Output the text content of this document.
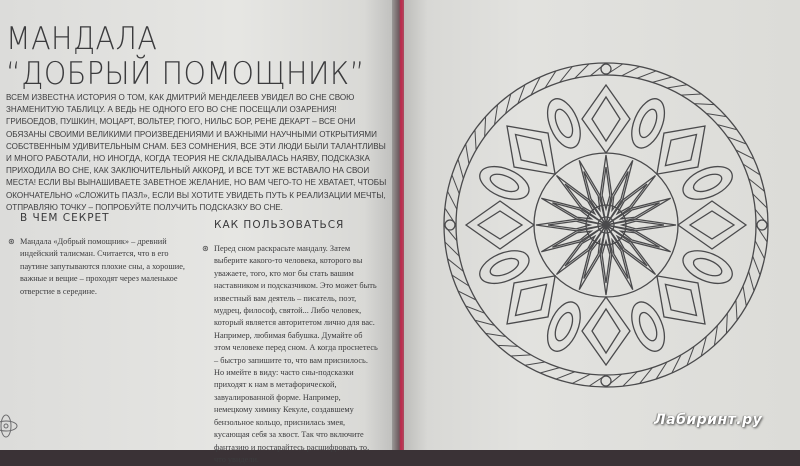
МАНДАЛА
“ДОБРЫЙ ПОМОЩНИК”
ВСЕМ ИЗВЕСТНА ИСТОРИЯ О ТОМ, КАК ДМИТРИЙ МЕНДЕЛЕЕВ УВИДЕЛ ВО СНЕ СВОЮ ЗНАМЕНИТУЮ ТАБЛИЦУ. А ВЕДЬ НЕ ОДНОГО ЕГО ВО СНЕ ПОСЕЩАЛИ ОЗАРЕНИЯ! ГРИБОЕДОВ, ПУШКИН, МОЦАРТ, ВОЛЬТЕР, ГЮГО, НИЛЬС БОР, РЕНЕ ДЕКАРТ – ВСЕ ОНИ ОБЯЗАНЫ СВОИМИ ВЕЛИКИМИ ПРОИЗВЕДЕНИЯМИ И ВАЖНЫМИ НАУЧНЫМИ ОТКРЫТИЯМИ СОБСТВЕННЫМ УДИВИТЕЛЬНЫМ СНАМ. БЕЗ СОМНЕНИЯ, ВСЕ ЭТИ ЛЮДИ БЫЛИ ТАЛАНТЛИВЫ И МНОГО РАБОТАЛИ, НО ИНОГДА, КОГДА ТЕОРИЯ НЕ СКЛАДЫВАЛАСЬ НАЯВУ, ПОДСКАЗКА ПРИХОДИЛА ВО СНЕ, КАК ЗАКЛЮЧИТЕЛЬНЫЙ АККОРД, И ВСЕ ТУТ ЖЕ ВСТАВАЛО НА СВОИ МЕСТА! ЕСЛИ ВЫ ВЫНАШИВАЕТЕ ЗАВЕТНОЕ ЖЕЛАНИЕ, НО ВАМ ЧЕГО-ТО НЕ ХВАТАЕТ, ЧТОБЫ ОКОНЧАТЕЛЬНО «СЛОЖИТЬ ПАЗЛ», ЕСЛИ ВЫ ХОТИТЕ УВИДЕТЬ ПУТЬ К РЕАЛИЗАЦИИ МЕЧТЫ, ОТПРАВЛЯЮ ТОЧКУ – ПОПРОБУЙТЕ ПОЛУЧИТЬ ПОДСКАЗКУ ВО СНЕ.
В ЧЕМ СЕКРЕТ
⊛ Мандала «Добрый помощник» – древний индейский талисман. Считается, что в его паутине запутываются плохие сны, а хорошие, важные и вещие – проходят через маленькое отверстие в середине.
КАК ПОЛЬЗОВАТЬСЯ
⊛ Перед сном раскрасьте мандалу. Затем выберите какого-то человека, которого вы уважаете, того, кто мог бы стать вашим наставником и подсказчиком. Это может быть известный вам деятель – писатель, поэт, мудрец, философ, святой... Либо человек, который является авторитетом лично для вас. Например, любимая бабушка. Думайте об этом человеке перед сном. А когда проснетесь – быстро запишите то, что вам приснилось. Но имейте в виду: часто сны-подсказки приходят к нам в метафорической, завуалированной форме. Например, немецкому химику Кекуле, создавшему бензольное кольцо, приснилась змея, кусающая себя за хвост. Так что включите фантазию и постарайтесь расшифровать то, что увидели.
Лабиринт.ру
